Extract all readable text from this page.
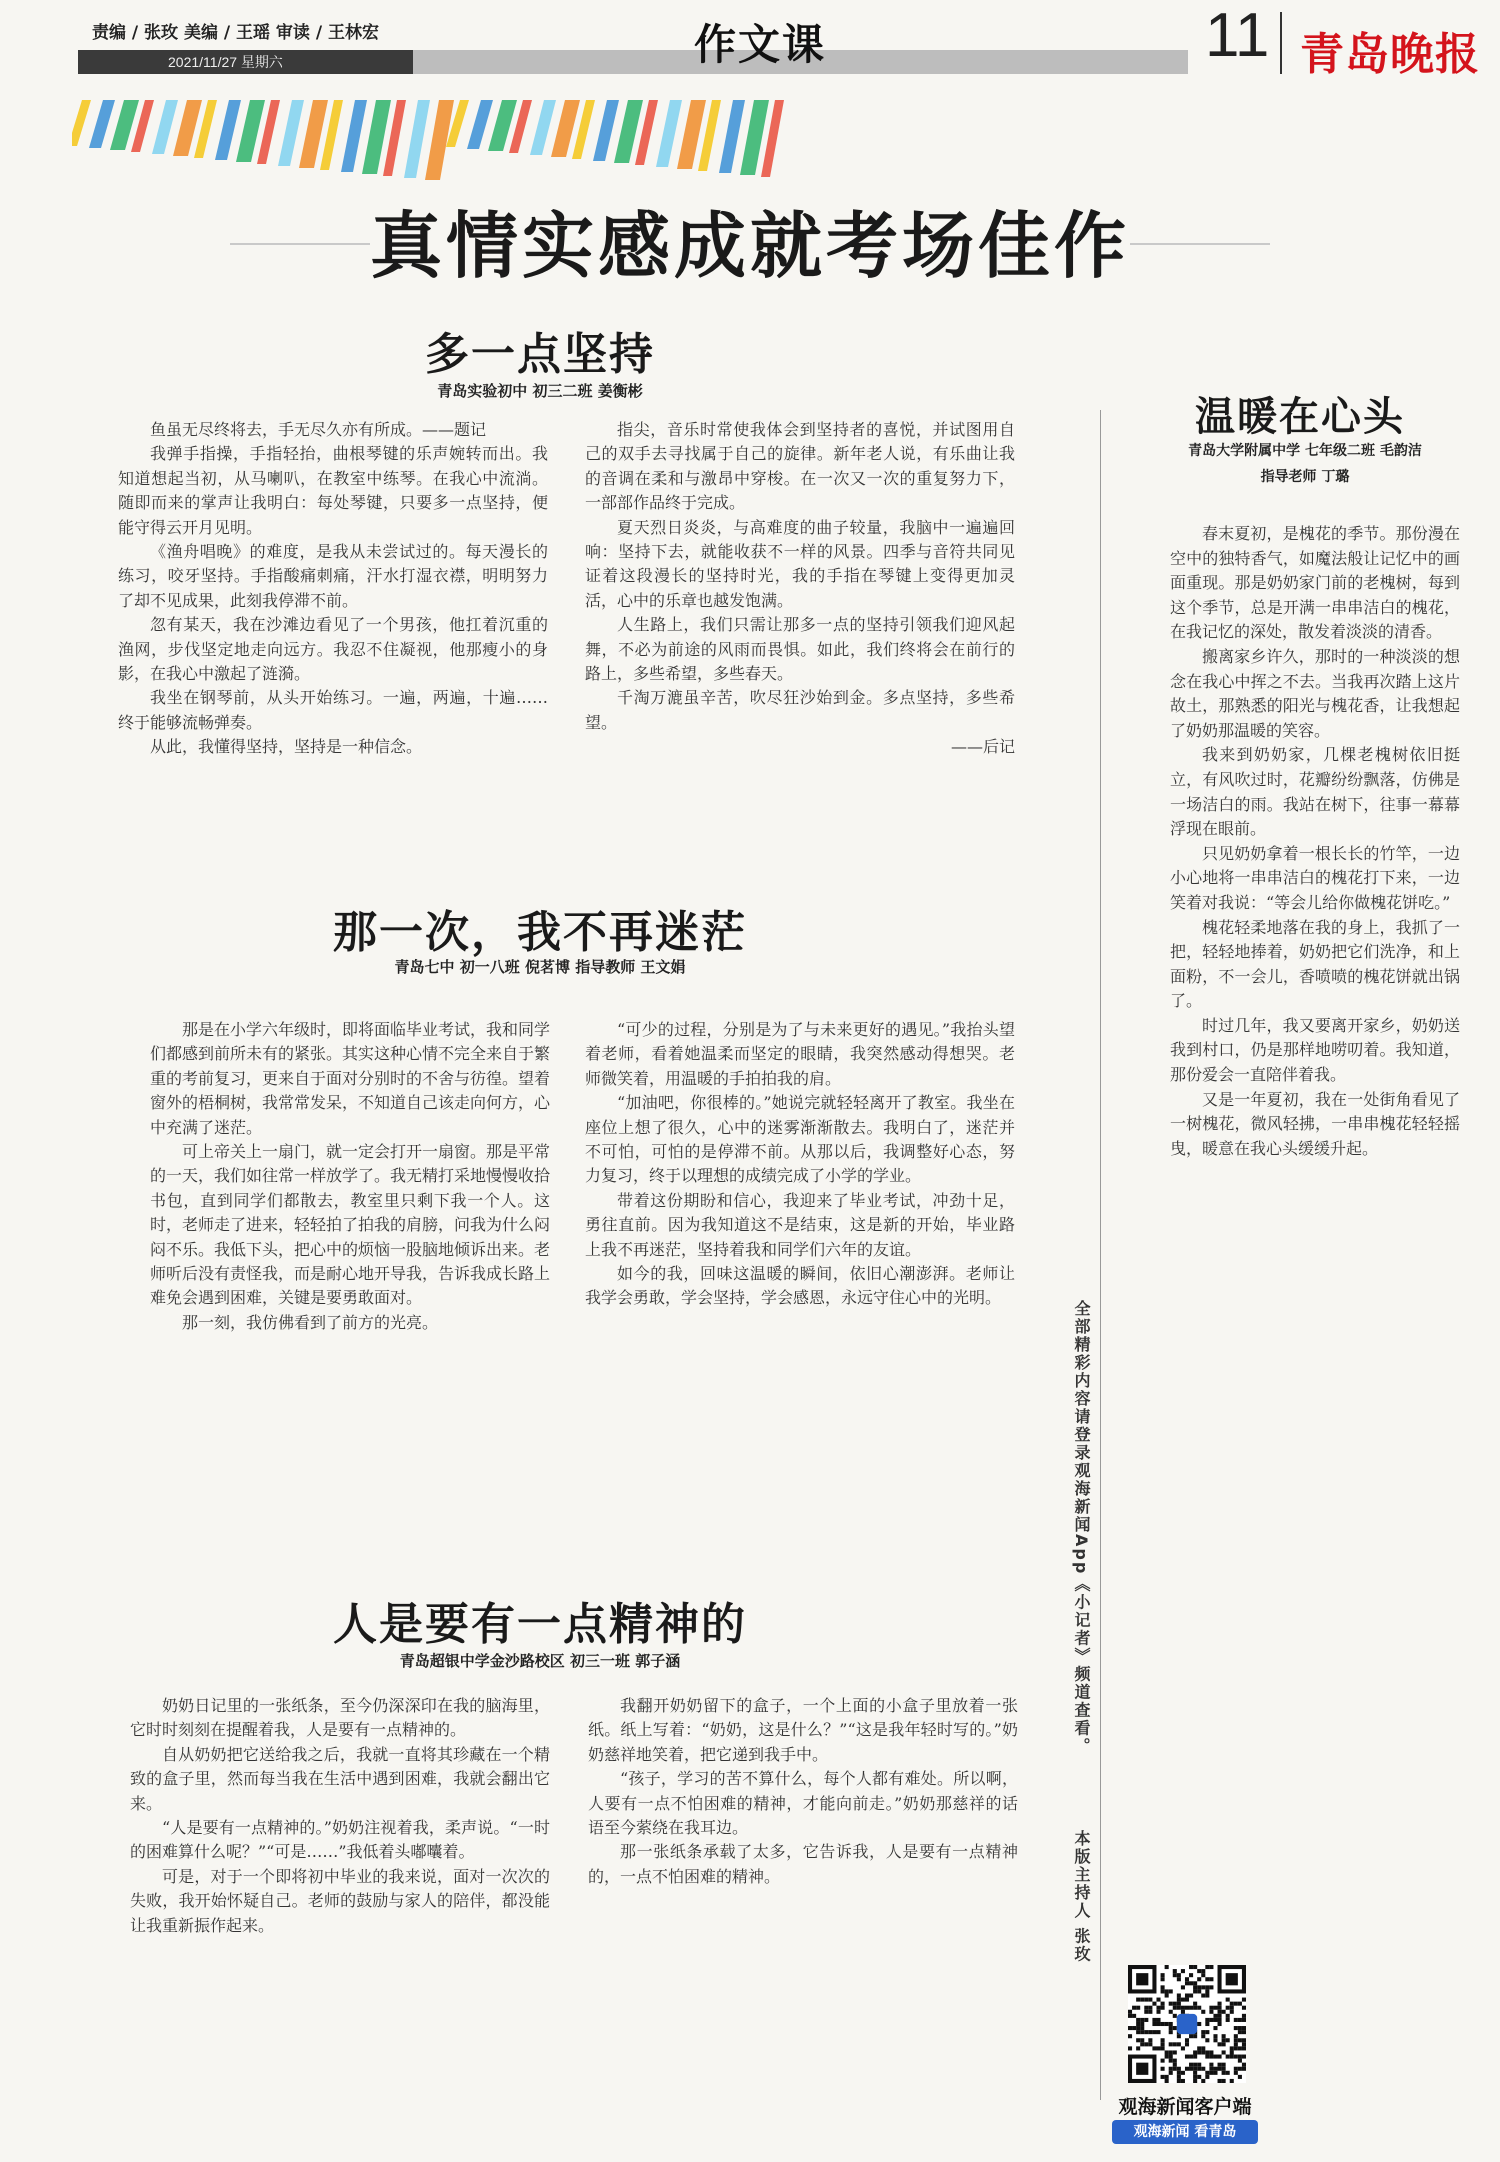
责编 / 张玫 美编 / 王瑶 审读 / 王林宏
2021/11/27 星期六	作文课	11 青岛晚报
真情实感成就考场佳作
多一点坚持
青岛实验初中 初三二班 姜衡彬

鱼虽无尽终将去，手无尽久亦有所成。——题记

我弹手指操，手指轻抬，曲根琴键的乐声婉转而出。我知道想起当初，从马喇叭，在教室中练琴。在我心中流淌。随即而来的掌声让我明白：每处琴键，只要多一点坚持，便能守得云开月见明。

《渔舟唱晚》的难度，是我从未尝试过的。每天漫长的练习，咬牙坚持。手指酸痛刺痛，汗水打湿衣襟，明明努力了却不见成果，此刻我停滞不前。

忽有某天，我在沙滩边看见了一个男孩，他扛着沉重的渔网，步伐坚定地走向远方。我忍不住凝视，他那瘦小的身影，在我心中激起了涟漪。

我坐在钢琴前，从头开始练习。一遍，两遍，十遍……终于能够流畅弹奏。

从此，我懂得坚持，坚持是一种信念。

指尖，音乐时常使我体会到坚持者的喜悦，并试图用自己的双手去寻找属于自己的旋律。新年老人说，有乐曲让我的音调在柔和与激昂中穿梭。在一次又一次的重复努力下，一部部作品终于完成。

夏天烈日炎炎，与高难度的曲子较量，我脑中一遍遍回响：坚持下去，就能收获不一样的风景。四季与音符共同见证着这段漫长的坚持时光，我的手指在琴键上变得更加灵活，心中的乐章也越发饱满。

人生路上，我们只需让那多一点的坚持引领我们迎风起舞，不必为前途的风雨而畏惧。如此，我们终将会在前行的路上，多些希望，多些春天。

千淘万漉虽辛苦，吹尽狂沙始到金。多点坚持，多些希望。

——后记

那一次，我不再迷茫
青岛七中 初一八班 倪茗博 指导教师 王文娟

那是在小学六年级时，即将面临毕业考试，我和同学们都感到前所未有的紧张。其实这种心情不完全来自于繁重的考前复习，更来自于面对分别时的不舍与彷徨。望着窗外的梧桐树，我常常发呆，不知道自己该走向何方，心中充满了迷茫。

可上帝关上一扇门，就一定会打开一扇窗。那是平常的一天，我们如往常一样放学了。我无精打采地慢慢收拾书包，直到同学们都散去，教室里只剩下我一个人。这时，老师走了进来，轻轻拍了拍我的肩膀，问我为什么闷闷不乐。我低下头，把心中的烦恼一股脑地倾诉出来。老师听后没有责怪我，而是耐心地开导我，告诉我成长路上难免会遇到困难，关键是要勇敢面对。

那一刻，我仿佛看到了前方的光亮。

“可少的过程，分别是为了与未来更好的遇见。”我抬头望着老师，看着她温柔而坚定的眼睛，我突然感动得想哭。老师微笑着，用温暖的手拍拍我的肩。

“加油吧，你很棒的。”她说完就轻轻离开了教室。我坐在座位上想了很久，心中的迷雾渐渐散去。我明白了，迷茫并不可怕，可怕的是停滞不前。从那以后，我调整好心态，努力复习，终于以理想的成绩完成了小学的学业。

带着这份期盼和信心，我迎来了毕业考试，冲劲十足，勇往直前。因为我知道这不是结束，这是新的开始，毕业路上我不再迷茫，坚持着我和同学们六年的友谊。

如今的我，回味这温暖的瞬间，依旧心潮澎湃。老师让我学会勇敢，学会坚持，学会感恩，永远守住心中的光明。

人是要有一点精神的
青岛超银中学金沙路校区 初三一班 郭子涵

奶奶日记里的一张纸条，至今仍深深印在我的脑海里，它时时刻刻在提醒着我，人是要有一点精神的。

自从奶奶把它送给我之后，我就一直将其珍藏在一个精致的盒子里，然而每当我在生活中遇到困难，我就会翻出它来。

“人是要有一点精神的。”奶奶注视着我，柔声说。“一时的困难算什么呢？”“可是……”我低着头嘟囔着。

可是，对于一个即将初中毕业的我来说，面对一次次的失败，我开始怀疑自己。老师的鼓励与家人的陪伴，都没能让我重新振作起来。

我翻开奶奶留下的盒子，一个上面的小盒子里放着一张纸。纸上写着：“奶奶，这是什么？”“这是我年轻时写的。”奶奶慈祥地笑着，把它递到我手中。

“孩子，学习的苦不算什么，每个人都有难处。所以啊，人要有一点不怕困难的精神，才能向前走。”奶奶那慈祥的话语至今萦绕在我耳边。

那一张纸条承载了太多，它告诉我，人是要有一点精神的，一点不怕困难的精神。

温暖在心头
青岛大学附属中学 七年级二班 毛韵洁
指导老师 丁璐

春末夏初，是槐花的季节。那份漫在空中的独特香气，如魔法般让记忆中的画面重现。那是奶奶家门前的老槐树，每到这个季节，总是开满一串串洁白的槐花，在我记忆的深处，散发着淡淡的清香。

搬离家乡许久，那时的一种淡淡的想念在我心中挥之不去。当我再次踏上这片故土，那熟悉的阳光与槐花香，让我想起了奶奶那温暖的笑容。

我来到奶奶家，几棵老槐树依旧挺立，有风吹过时，花瓣纷纷飘落，仿佛是一场洁白的雨。我站在树下，往事一幕幕浮现在眼前。

只见奶奶拿着一根长长的竹竿，一边小心地将一串串洁白的槐花打下来，一边笑着对我说：“等会儿给你做槐花饼吃。”

槐花轻柔地落在我的身上，我抓了一把，轻轻地捧着，奶奶把它们洗净，和上面粉，不一会儿，香喷喷的槐花饼就出锅了。

时过几年，我又要离开家乡，奶奶送我到村口，仍是那样地唠叨着。我知道，那份爱会一直陪伴着我。

又是一年夏初，我在一处街角看见了一树槐花，微风轻拂，一串串槐花轻轻摇曳，暖意在我心头缓缓升起。

全部精彩内容请登录观海新闻App《小记者》频道查看。
本版主持人 张玫
观海新闻客户端
观海新闻 看青岛
